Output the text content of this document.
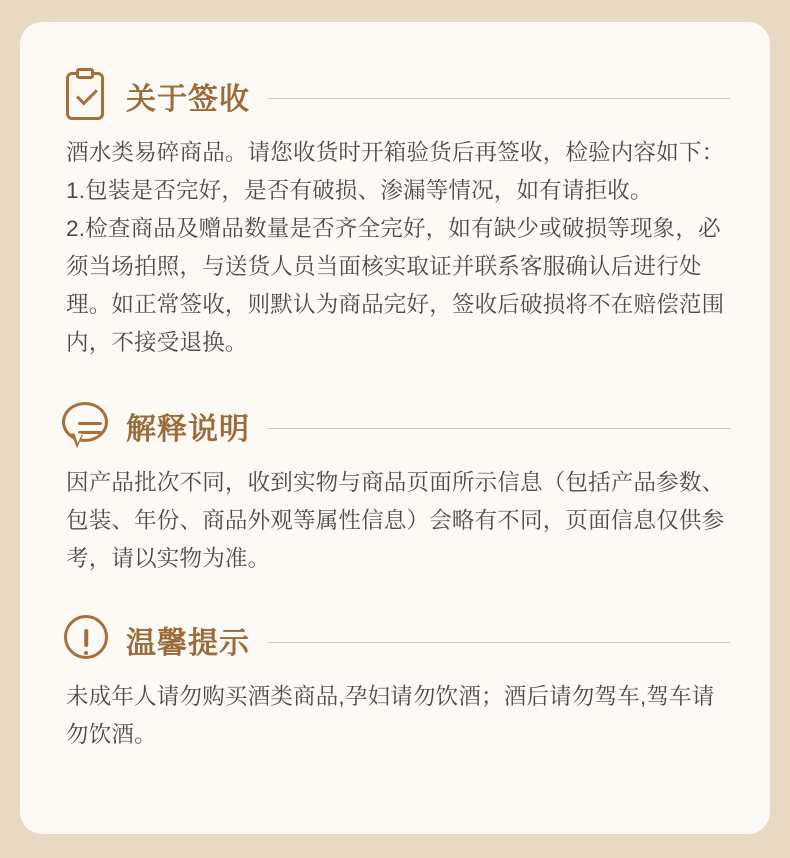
关于签收

酒水类易碎商品。请您收货时开箱验货后再签收，检验内容如下：

1.包装是否完好，是否有破损、渗漏等情况，如有请拒收。

2.检查商品及赠品数量是否齐全完好，如有缺少或破损等现象，必须当场拍照，与送货人员当面核实取证并联系客服确认后进行处理。如正常签收，则默认为商品完好，签收后破损将不在赔偿范围内，不接受退换。

解释说明

因产品批次不同，收到实物与商品页面所示信息（包括产品参数、包装、年份、商品外观等属性信息）会略有不同，页面信息仅供参考，请以实物为准。

温馨提示

未成年人请勿购买酒类商品,孕妇请勿饮酒；酒后请勿驾车,驾车请勿饮酒。
